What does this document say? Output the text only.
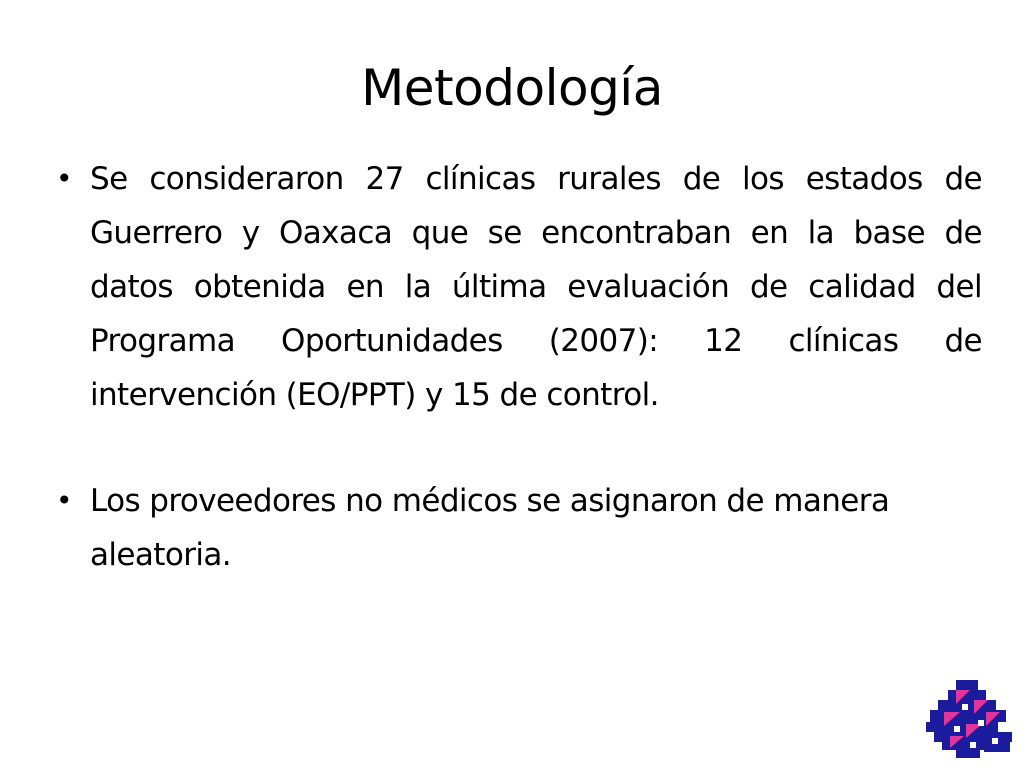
Metodología
• Se consideraron 27 clínicas rurales de los estados de Guerrero y Oaxaca que se encontraban en la base de datos obtenida en la última evaluación de calidad del Programa Oportunidades (2007): 12 clínicas de intervención (EO/PPT) y 15 de control.
• Los proveedores no médicos se asignaron de manera aleatoria.
